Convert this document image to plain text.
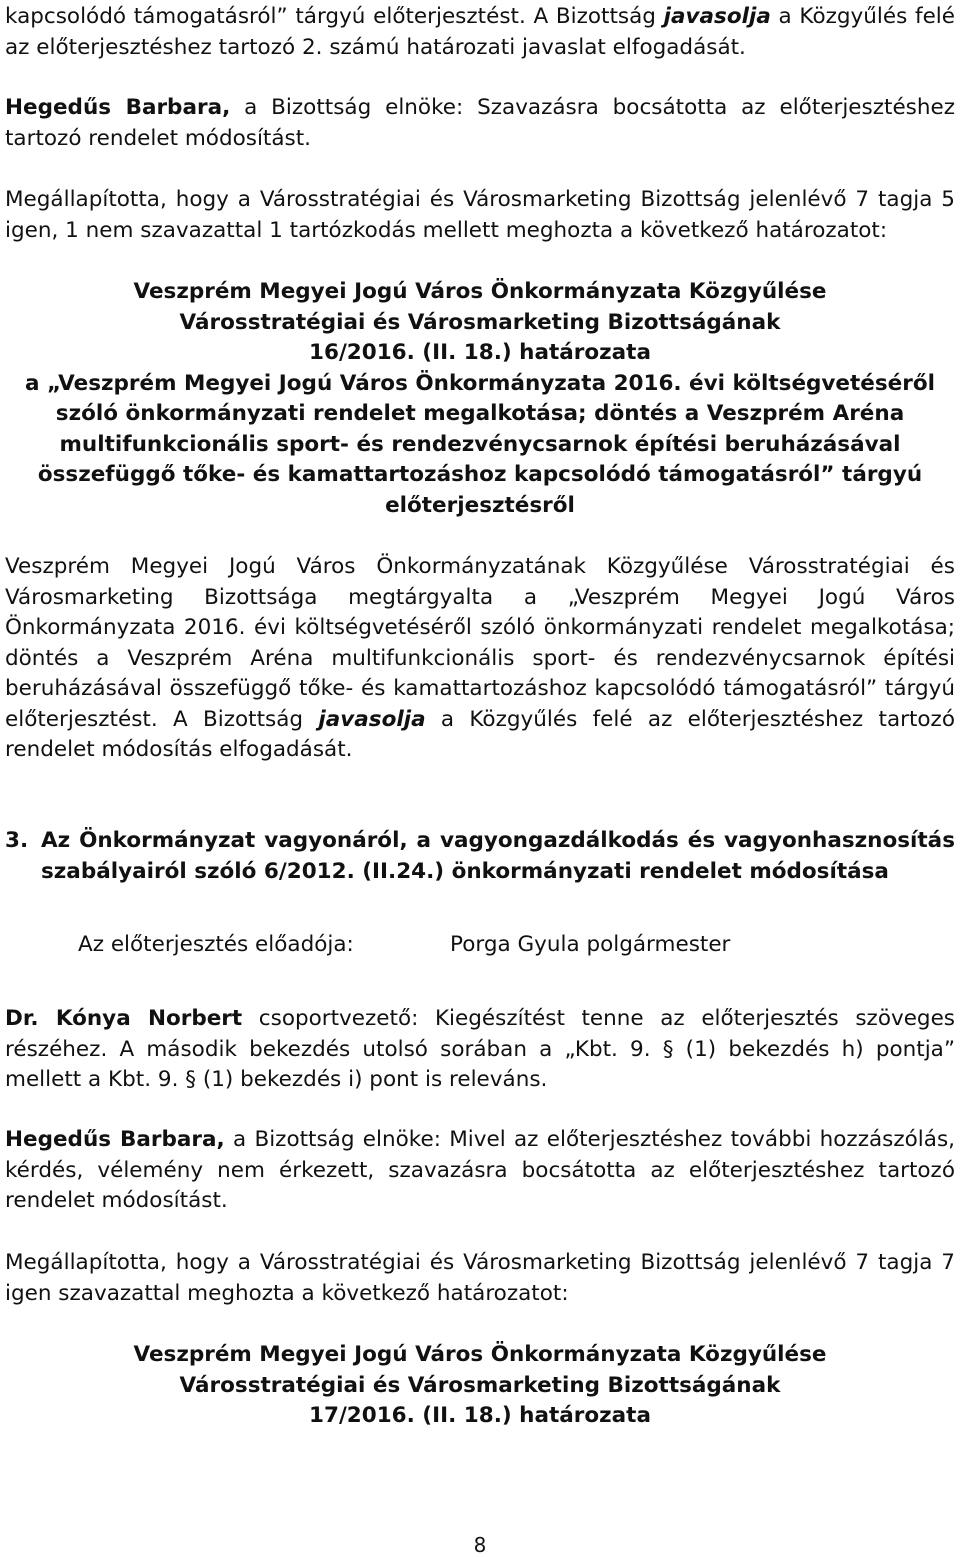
kapcsolódó támogatásról” tárgyú előterjesztést. A Bizottság javasolja a Közgyűlés felé az előterjesztéshez tartozó 2. számú határozati javaslat elfogadását.

Hegedűs Barbara, a Bizottság elnöke: Szavazásra bocsátotta az előterjesztéshez tartozó rendelet módosítást.

Megállapította, hogy a Városstratégiai és Városmarketing Bizottság jelenlévő 7 tagja 5 igen, 1 nem szavazattal 1 tartózkodás mellett meghozta a következő határozatot:

Veszprém Megyei Jogú Város Önkormányzata Közgyűlése
Városstratégiai és Városmarketing Bizottságának
16/2016. (II. 18.) határozata
a „Veszprém Megyei Jogú Város Önkormányzata 2016. évi költségvetéséről
szóló önkormányzati rendelet megalkotása; döntés a Veszprém Aréna
multifunkcionális sport- és rendezvénycsarnok építési beruházásával
összefüggő tőke- és kamattartozáshoz kapcsolódó támogatásról” tárgyú
előterjesztésről

Veszprém Megyei Jogú Város Önkormányzatának Közgyűlése Városstratégiai és Városmarketing Bizottsága megtárgyalta a „Veszprém Megyei Jogú Város Önkormányzata 2016. évi költségvetéséről szóló önkormányzati rendelet megalkotása; döntés a Veszprém Aréna multifunkcionális sport- és rendezvénycsarnok építési beruházásával összefüggő tőke- és kamattartozáshoz kapcsolódó támogatásról” tárgyú előterjesztést. A Bizottság javasolja a Közgyűlés felé az előterjesztéshez tartozó rendelet módosítás elfogadását.

3. Az Önkormányzat vagyonáról, a vagyongazdálkodás és vagyonhasznosítás szabályairól szóló 6/2012. (II.24.) önkormányzati rendelet módosítása
Az előterjesztés előadója:	Porga Gyula polgármester

Dr. Kónya Norbert csoportvezető: Kiegészítést tenne az előterjesztés szöveges részéhez. A második bekezdés utolsó sorában a „Kbt. 9. § (1) bekezdés h) pontja” mellett a Kbt. 9. § (1) bekezdés i) pont is releváns.

Hegedűs Barbara, a Bizottság elnöke: Mivel az előterjesztéshez további hozzászólás, kérdés, vélemény nem érkezett, szavazásra bocsátotta az előterjesztéshez tartozó rendelet módosítást.

Megállapította, hogy a Városstratégiai és Városmarketing Bizottság jelenlévő 7 tagja 7 igen szavazattal meghozta a következő határozatot:

Veszprém Megyei Jogú Város Önkormányzata Közgyűlése
Városstratégiai és Városmarketing Bizottságának
17/2016. (II. 18.) határozata
8
